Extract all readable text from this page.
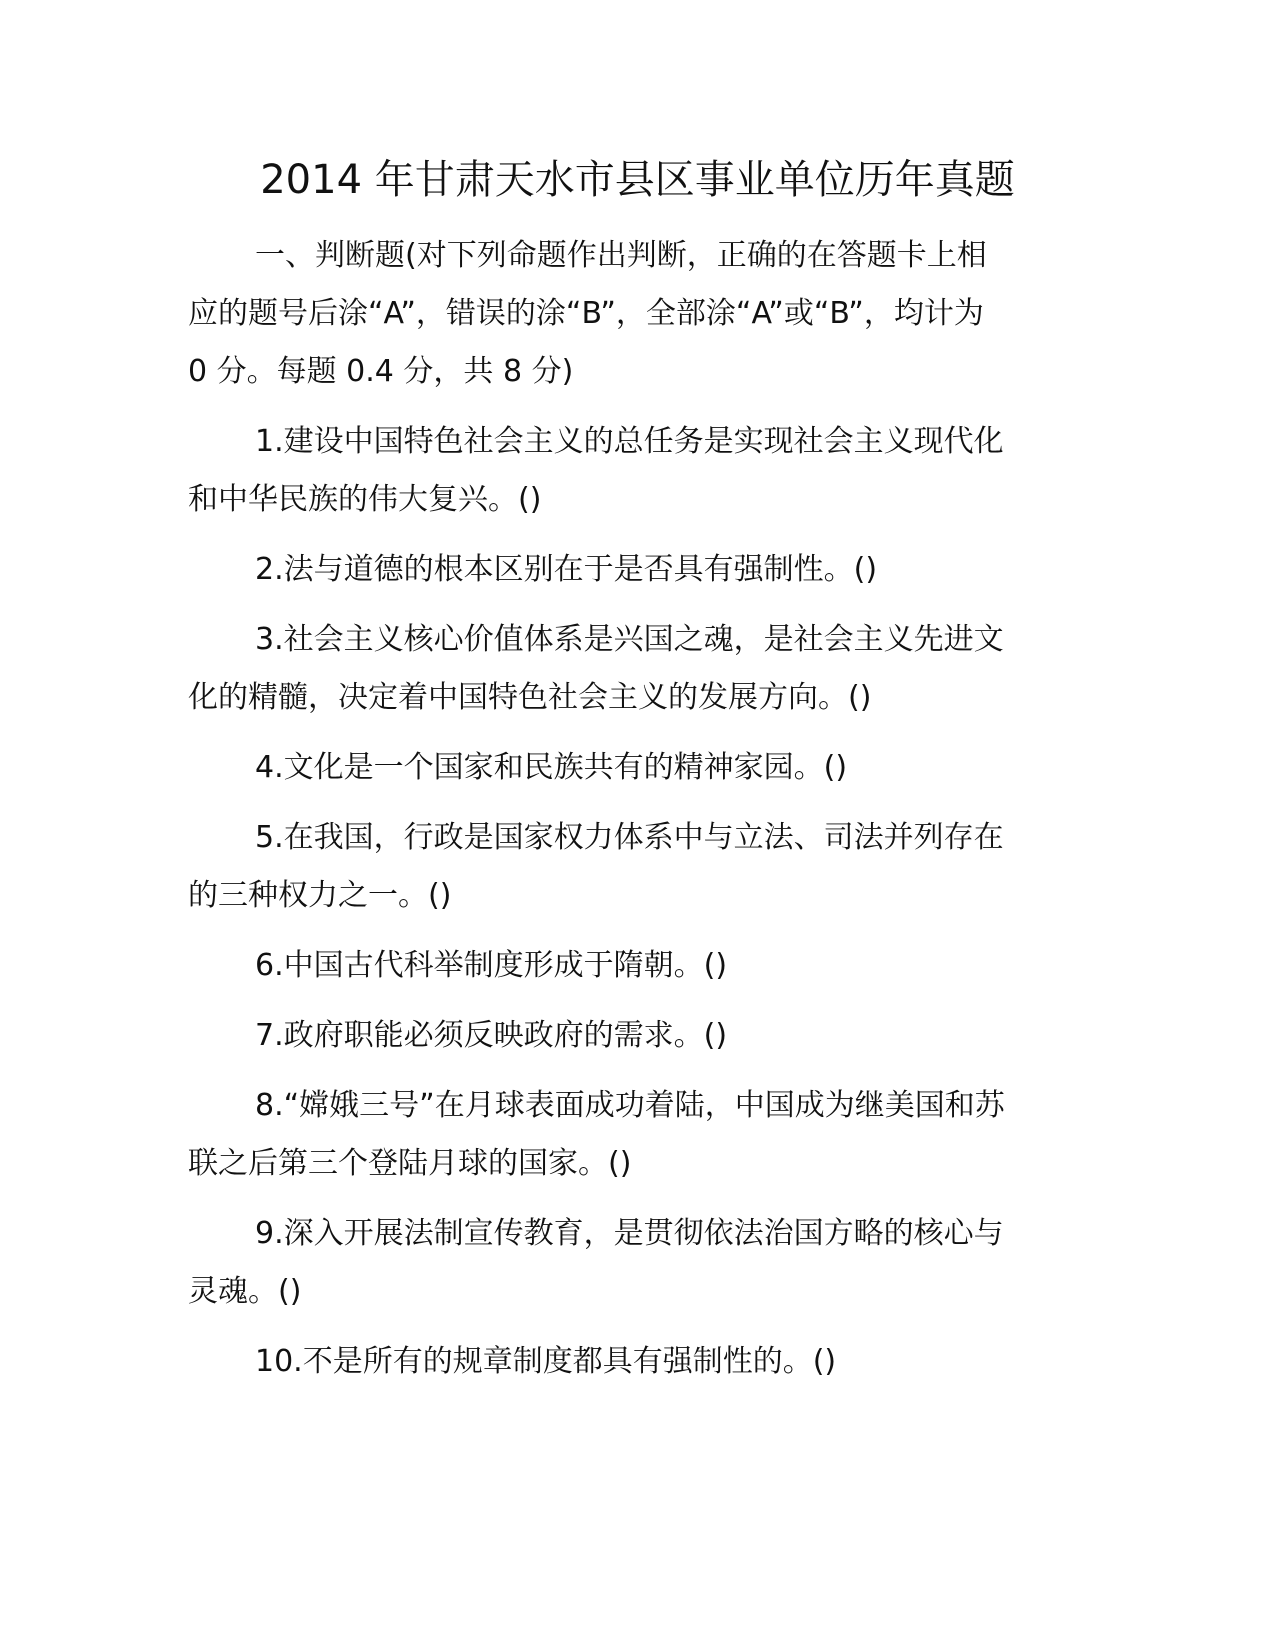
2014 年甘肃天水市县区事业单位历年真题

一、判断题(对下列命题作出判断，正确的在答题卡上相
应的题号后涂“A”，错误的涂“B”，全部涂“A”或“B”，均计为
0 分。每题 0.4 分，共 8 分)

1.建设中国特色社会主义的总任务是实现社会主义现代化
和中华民族的伟大复兴。()

2.法与道德的根本区别在于是否具有强制性。()

3.社会主义核心价值体系是兴国之魂，是社会主义先进文
化的精髓，决定着中国特色社会主义的发展方向。()

4.文化是一个国家和民族共有的精神家园。()

5.在我国，行政是国家权力体系中与立法、司法并列存在
的三种权力之一。()

6.中国古代科举制度形成于隋朝。()

7.政府职能必须反映政府的需求。()

8.“嫦娥三号”在月球表面成功着陆，中国成为继美国和苏
联之后第三个登陆月球的国家。()

9.深入开展法制宣传教育，是贯彻依法治国方略的核心与
灵魂。()

10.不是所有的规章制度都具有强制性的。()
